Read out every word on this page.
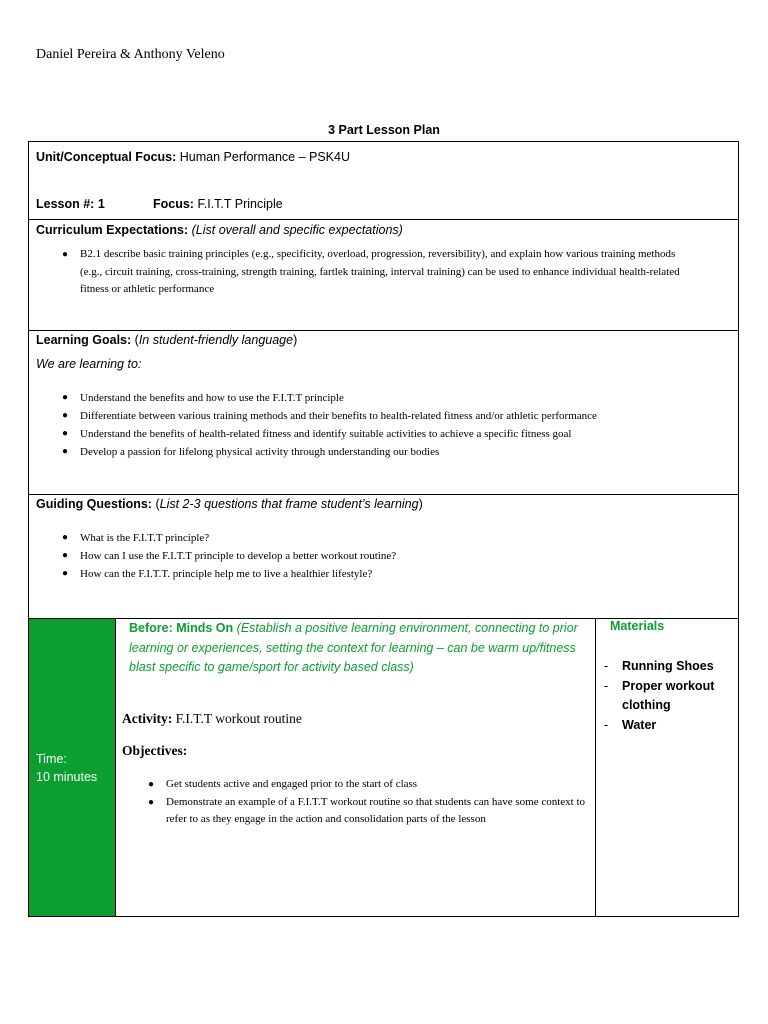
Daniel Pereira & Anthony Veleno
3 Part Lesson Plan
Unit/Conceptual Focus: Human Performance – PSK4U
Lesson #: 1	Focus: F.I.T.T Principle
Curriculum Expectations: (List overall and specific expectations)
● B2.1 describe basic training principles (e.g., specificity, overload, progression, reversibility), and explain how various training methods (e.g., circuit training, cross-training, strength training, fartlek training, interval training) can be used to enhance individual health-related fitness or athletic performance
Learning Goals: (In student-friendly language)
We are learning to:
● Understand the benefits and how to use the F.I.T.T principle
● Differentiate between various training methods and their benefits to health-related fitness and/or athletic performance
● Understand the benefits of health-related fitness and identify suitable activities to achieve a specific fitness goal
● Develop a passion for lifelong physical activity through understanding our bodies
Guiding Questions: (List 2-3 questions that frame student’s learning)
● What is the F.I.T.T principle?
● How can I use the F.I.T.T principle to develop a better workout routine?
● How can the F.I.T.T. principle help me to live a healthier lifestyle?
Time:
10 minutes
Before: Minds On (Establish a positive learning environment, connecting to prior learning or experiences, setting the context for learning – can be warm up/fitness blast specific to game/sport for activity based class)
Activity: F.I.T.T workout routine
Objectives:
● Get students active and engaged prior to the start of class
● Demonstrate an example of a F.I.T.T workout routine so that students can have some context to refer to as they engage in the action and consolidation parts of the lesson
Materials
- Running Shoes
- Proper workout clothing
- Water
